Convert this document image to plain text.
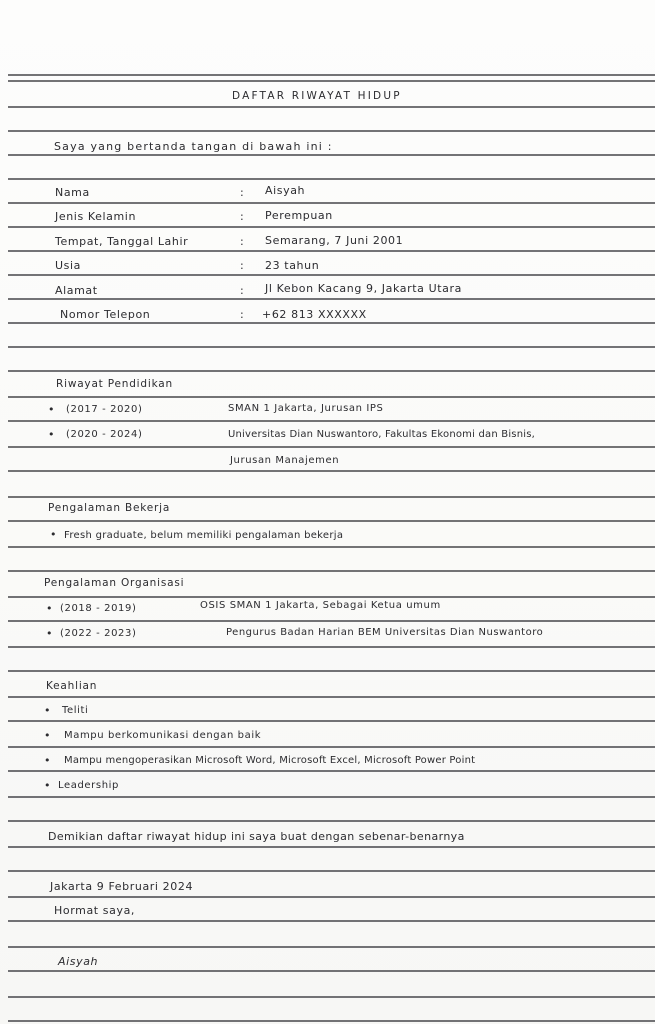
DAFTAR RIWAYAT HIDUP
Saya yang bertanda tangan di bawah ini :
Nama	: Aisyah
Jenis Kelamin	: Perempuan
Tempat, Tanggal Lahir	: Semarang, 7 Juni 2001
Usia	: 23 tahun
Alamat	: Jl Kebon Kacang 9, Jakarta Utara
Nomor Telepon	: +62 813 XXXXXX
Riwayat Pendidikan
• (2017 - 2020)	SMAN 1 Jakarta, Jurusan IPS
• (2020 - 2024)	Universitas Dian Nuswantoro, Fakultas Ekonomi dan Bisnis,
Jurusan Manajemen
Pengalaman Bekerja
• Fresh graduate, belum memiliki pengalaman bekerja
Pengalaman Organisasi
• (2018 - 2019)	OSIS SMAN 1 Jakarta, Sebagai Ketua umum
• (2022 - 2023)	Pengurus Badan Harian BEM Universitas Dian Nuswantoro
Keahlian
• Teliti
• Mampu berkomunikasi dengan baik
• Mampu mengoperasikan Microsoft Word, Microsoft Excel, Microsoft Power Point
• Leadership
Demikian daftar riwayat hidup ini saya buat dengan sebenar-benarnya
Jakarta 9 Februari 2024
Hormat saya,
Aisyah
